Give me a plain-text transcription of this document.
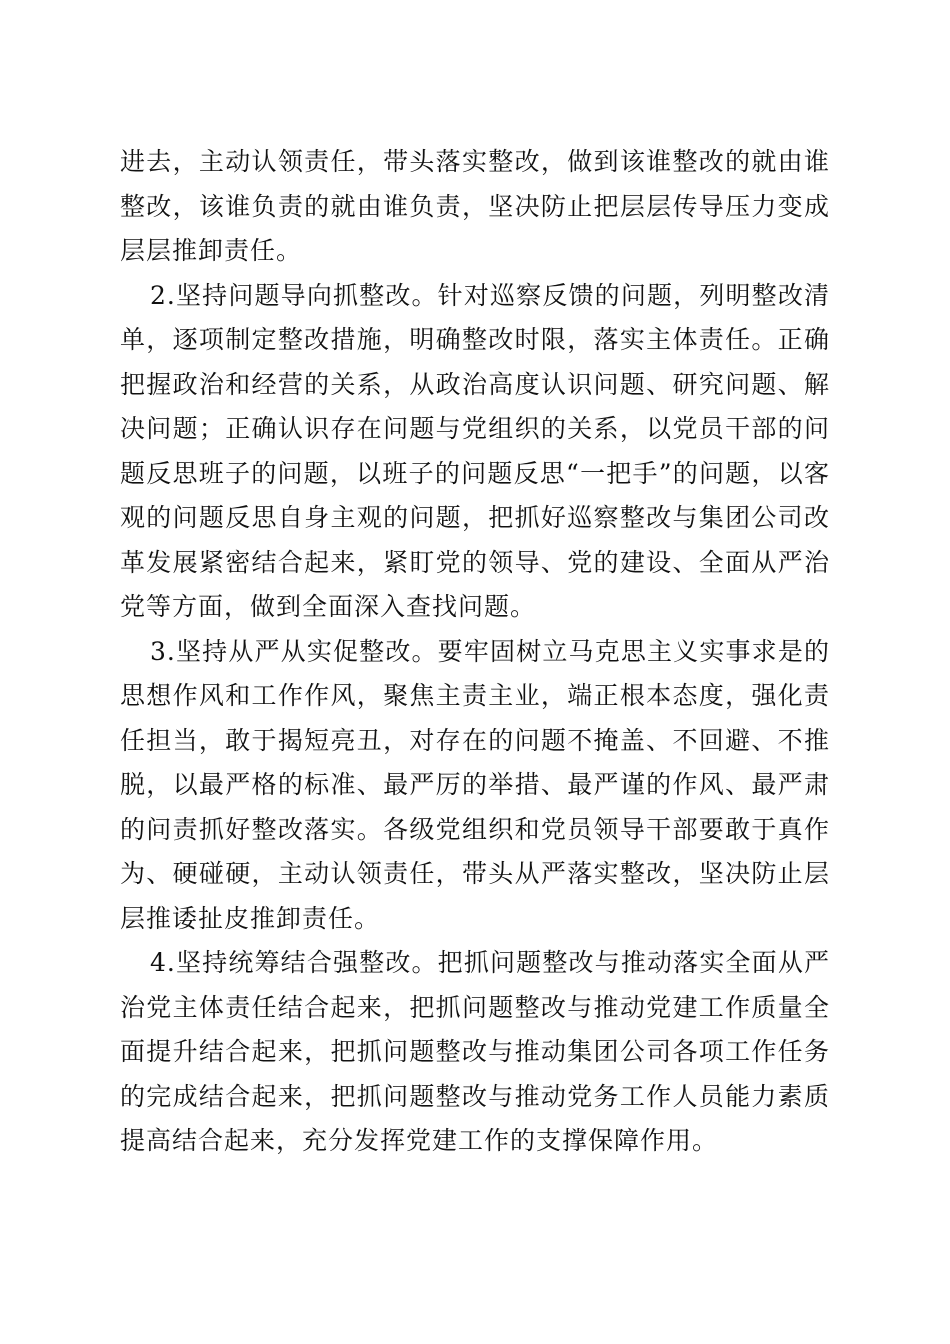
进去，主动认领责任，带头落实整改，做到该谁整改的就由谁整改，该谁负责的就由谁负责，坚决防止把层层传导压力变成层层推卸责任。

2.坚持问题导向抓整改。针对巡察反馈的问题，列明整改清单，逐项制定整改措施，明确整改时限，落实主体责任。正确把握政治和经营的关系，从政治高度认识问题、研究问题、解决问题；正确认识存在问题与党组织的关系，以党员干部的问题反思班子的问题，以班子的问题反思“一把手”的问题，以客观的问题反思自身主观的问题，把抓好巡察整改与集团公司改革发展紧密结合起来，紧盯党的领导、党的建设、全面从严治党等方面，做到全面深入查找问题。

3.坚持从严从实促整改。要牢固树立马克思主义实事求是的思想作风和工作作风，聚焦主责主业，端正根本态度，强化责任担当，敢于揭短亮丑，对存在的问题不掩盖、不回避、不推脱，以最严格的标准、最严厉的举措、最严谨的作风、最严肃的问责抓好整改落实。各级党组织和党员领导干部要敢于真作为、硬碰硬，主动认领责任，带头从严落实整改，坚决防止层层推诿扯皮推卸责任。

4.坚持统筹结合强整改。把抓问题整改与推动落实全面从严治党主体责任结合起来，把抓问题整改与推动党建工作质量全面提升结合起来，把抓问题整改与推动集团公司各项工作任务的完成结合起来，把抓问题整改与推动党务工作人员能力素质提高结合起来，充分发挥党建工作的支撑保障作用。
